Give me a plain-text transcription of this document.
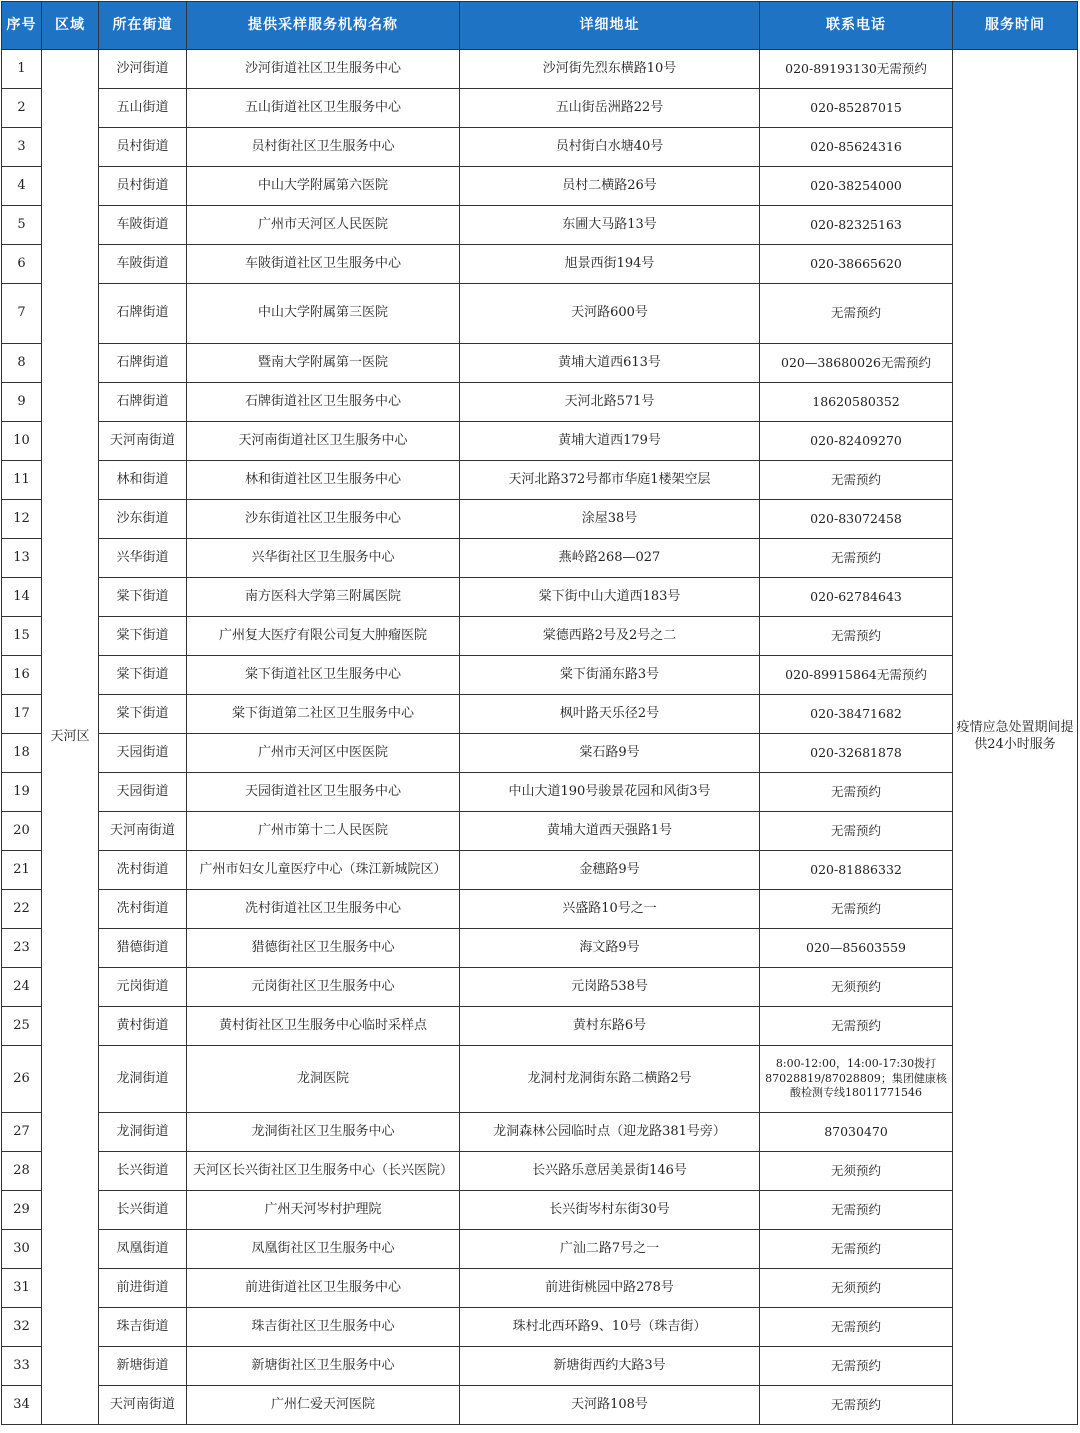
序号	区域	所在街道	提供采样服务机构名称	详细地址	联系电话	服务时间
1	天河区	沙河街道	沙河街道社区卫生服务中心	沙河街先烈东横路10号	020-89193130无需预约	疫情应急处置期间提供24小时服务
2		五山街道	五山街道社区卫生服务中心	五山街岳洲路22号	020-85287015	
3		员村街道	员村街社区卫生服务中心	员村街白水塘40号	020-85624316	
4		员村街道	中山大学附属第六医院	员村二横路26号	020-38254000	
5		车陂街道	广州市天河区人民医院	东圃大马路13号	020-82325163	
6		车陂街道	车陂街道社区卫生服务中心	旭景西街194号	020-38665620	
7		石牌街道	中山大学附属第三医院	天河路600号	无需预约	
8		石牌街道	暨南大学附属第一医院	黄埔大道西613号	020—38680026无需预约	
9		石牌街道	石牌街道社区卫生服务中心	天河北路571号	18620580352	
10		天河南街道	天河南街道社区卫生服务中心	黄埔大道西179号	020-82409270	
11		林和街道	林和街道社区卫生服务中心	天河北路372号都市华庭1楼架空层	无需预约	
12		沙东街道	沙东街道社区卫生服务中心	涂屋38号	020-83072458	
13		兴华街道	兴华街社区卫生服务中心	燕岭路268—027	无需预约	
14		棠下街道	南方医科大学第三附属医院	棠下街中山大道西183号	020-62784643	
15		棠下街道	广州复大医疗有限公司复大肿瘤医院	棠德西路2号及2号之二	无需预约	
16		棠下街道	棠下街道社区卫生服务中心	棠下街涌东路3号	020-89915864无需预约	
17		棠下街道	棠下街道第二社区卫生服务中心	枫叶路天乐径2号	020-38471682	
18		天园街道	广州市天河区中医医院	棠石路9号	020-32681878	
19		天园街道	天园街道社区卫生服务中心	中山大道190号骏景花园和风街3号	无需预约	
20		天河南街道	广州市第十二人民医院	黄埔大道西天强路1号	无需预约	
21		冼村街道	广州市妇女儿童医疗中心（珠江新城院区）	金穗路9号	020-81886332	
22		冼村街道	冼村街道社区卫生服务中心	兴盛路10号之一	无需预约	
23		猎德街道	猎德街社区卫生服务中心	海文路9号	020—85603559	
24		元岗街道	元岗街社区卫生服务中心	元岗路538号	无须预约	
25		黄村街道	黄村街社区卫生服务中心临时采样点	黄村东路6号	无需预约	
26		龙洞街道	龙洞医院	龙洞村龙洞街东路二横路2号	8:00-12:00，14:00-17:30拨打87028819/87028809；集团健康核酸检测专线18011771546	
27		龙洞街道	龙洞街社区卫生服务中心	龙洞森林公园临时点（迎龙路381号旁）	87030470	
28		长兴街道	天河区长兴街社区卫生服务中心（长兴医院）	长兴路乐意居美景街146号	无须预约	
29		长兴街道	广州天河岑村护理院	长兴街岑村东街30号	无需预约	
30		凤凰街道	凤凰街社区卫生服务中心	广汕二路7号之一	无需预约	
31		前进街道	前进街道社区卫生服务中心	前进街桃园中路278号	无须预约	
32		珠吉街道	珠吉街社区卫生服务中心	珠村北西环路9、10号（珠吉街）	无需预约	
33		新塘街道	新塘街社区卫生服务中心	新塘街西约大路3号	无需预约	
34		天河南街道	广州仁爱天河医院	天河路108号	无需预约	
